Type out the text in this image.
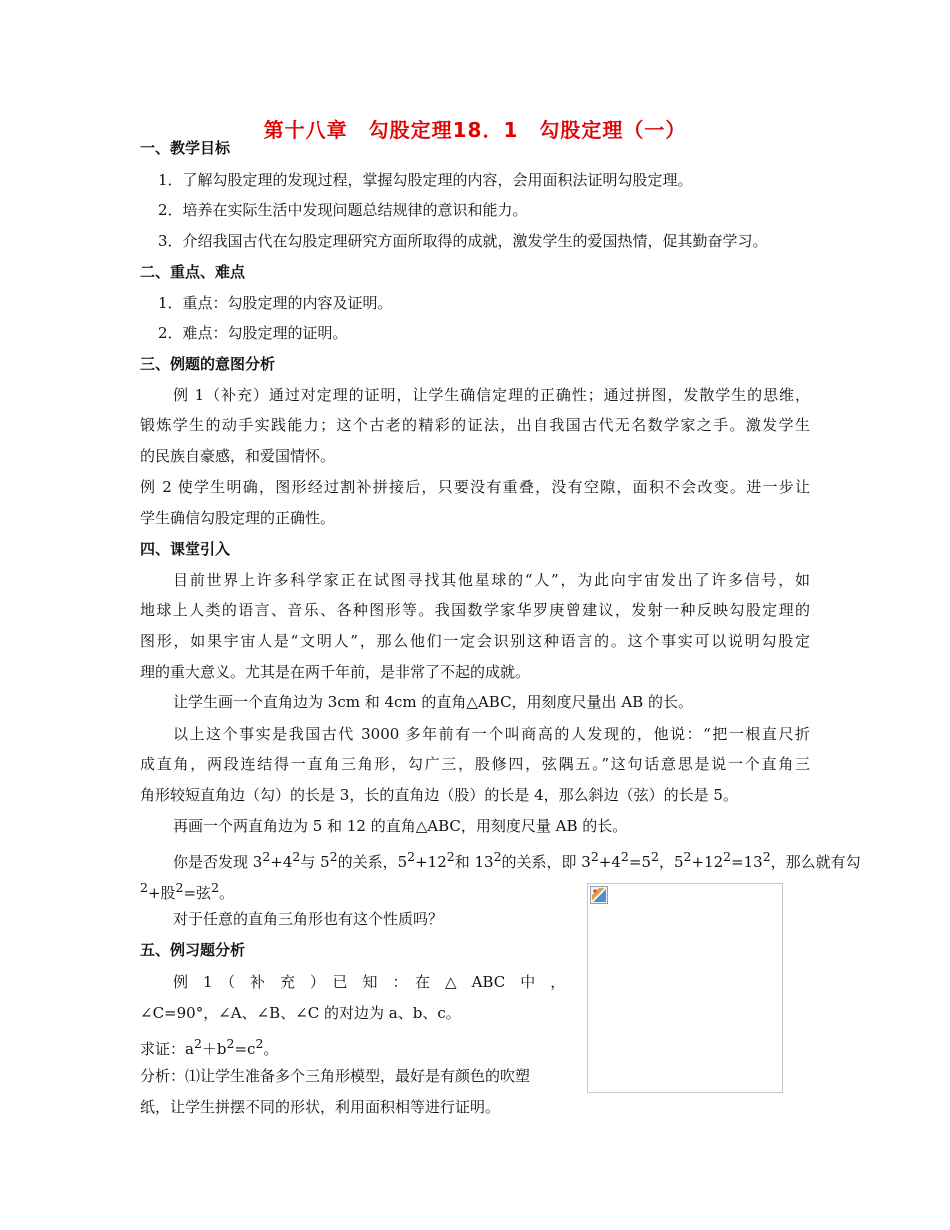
第十八章　勾股定理18．1　勾股定理（一）
一、教学目标
1．了解勾股定理的发现过程，掌握勾股定理的内容，会用面积法证明勾股定理。
2．培养在实际生活中发现问题总结规律的意识和能力。
3．介绍我国古代在勾股定理研究方面所取得的成就，激发学生的爱国热情，促其勤奋学习。
二、重点、难点
1．重点：勾股定理的内容及证明。
2．难点：勾股定理的证明。
三、例题的意图分析
例 1（补充）通过对定理的证明，让学生确信定理的正确性；通过拼图，发散学生的思维，
锻炼学生的动手实践能力；这个古老的精彩的证法，出自我国古代无名数学家之手。激发学生
的民族自豪感，和爱国情怀。
例 2 使学生明确，图形经过割补拼接后，只要没有重叠，没有空隙，面积不会改变。进一步让
学生确信勾股定理的正确性。
四、课堂引入
目前世界上许多科学家正在试图寻找其他星球的“人”，为此向宇宙发出了许多信号，如
地球上人类的语言、音乐、各种图形等。我国数学家华罗庚曾建议，发射一种反映勾股定理的
图形，如果宇宙人是“文明人”，那么他们一定会识别这种语言的。这个事实可以说明勾股定
理的重大意义。尤其是在两千年前，是非常了不起的成就。
让学生画一个直角边为 3cm 和 4cm 的直角△ABC，用刻度尺量出 AB 的长。
以上这个事实是我国古代 3000 多年前有一个叫商高的人发现的，他说：“把一根直尺折
成直角，两段连结得一直角三角形，勾广三，股修四，弦隅五。”这句话意思是说一个直角三
角形较短直角边（勾）的长是 3，长的直角边（股）的长是 4，那么斜边（弦）的长是 5。
再画一个两直角边为 5 和 12 的直角△ABC，用刻度尺量 AB 的长。
你是否发现 $3^2+4^2$与 $5^2$的关系，$5^2+12^2$和 $13^2$的关系，即 $3^2+4^2=5^2$，$5^2+12^2=13^2$，那么就有勾
$^2$+股$^2$=弦$^2$。
对于任意的直角三角形也有这个性质吗？
五、例习题分析
例　1　（　补　充　）　已　知　：　在　△　ABC　中　，
∠C=90°，∠A、∠B、∠C 的对边为 a、b、c。
求证：$a^2+b^2=c^2$。
分析：⑴让学生准备多个三角形模型，最好是有颜色的吹塑
纸，让学生拼摆不同的形状，利用面积相等进行证明。
